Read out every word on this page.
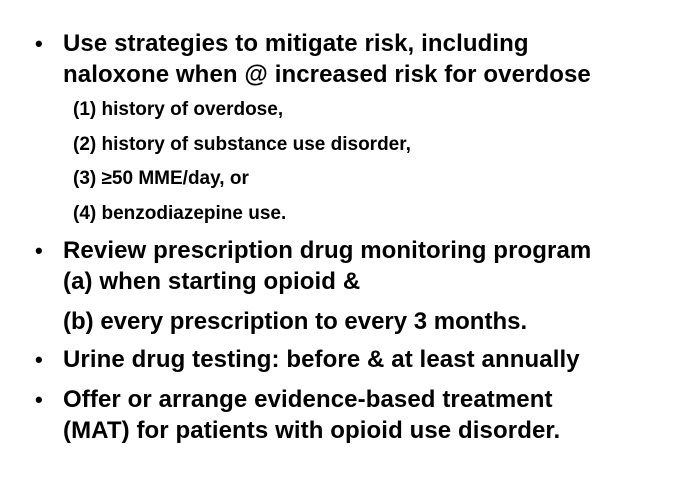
• Use strategies to mitigate risk, including
naloxone when @ increased risk for overdose
(1) history of overdose,
(2) history of substance use disorder,
(3) ≥50 MME/day, or
(4) benzodiazepine use.
• Review prescription drug monitoring program
(a) when starting opioid &
(b) every prescription to every 3 months.
• Urine drug testing: before & at least annually
• Offer or arrange evidence-based treatment
(MAT) for patients with opioid use disorder.
